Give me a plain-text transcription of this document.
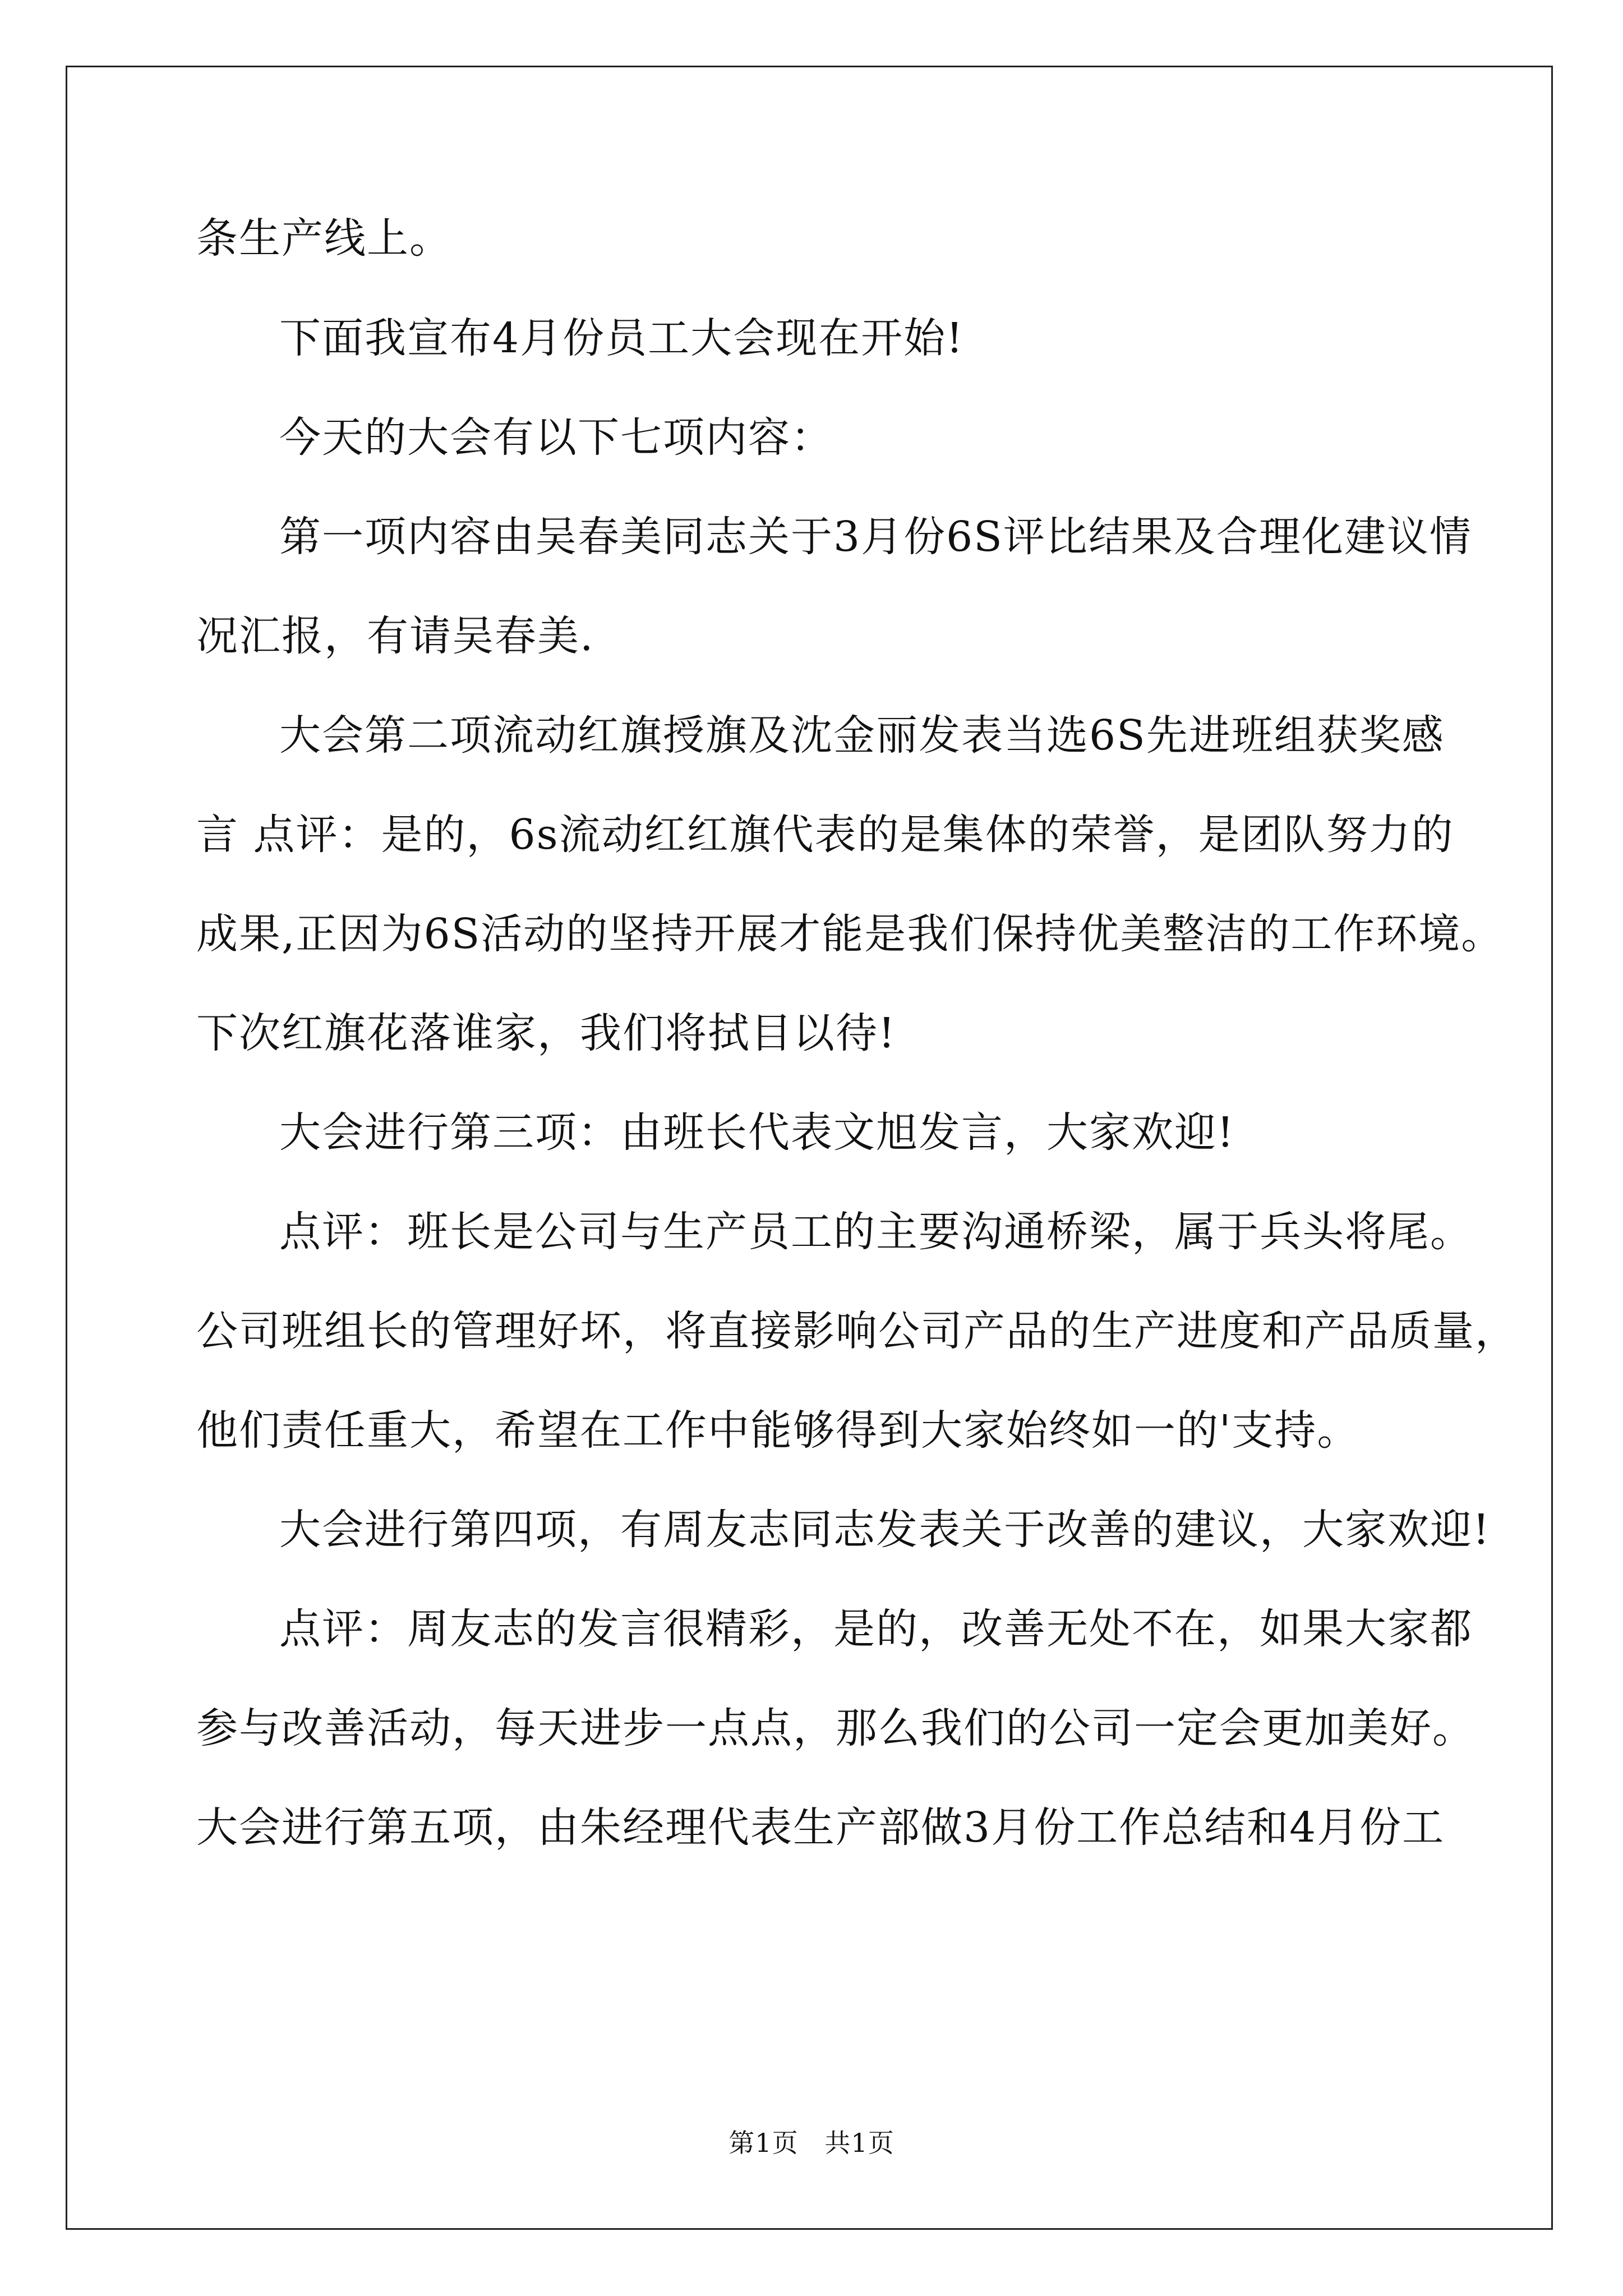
条生产线上。
下面我宣布4月份员工大会现在开始!
今天的大会有以下七项内容：
第一项内容由吴春美同志关于3月份6S评比结果及合理化建议情
况汇报，有请吴春美.
大会第二项流动红旗授旗及沈金丽发表当选6S先进班组获奖感
言 点评：是的，6s流动红红旗代表的是集体的荣誉，是团队努力的
成果,正因为6S活动的坚持开展才能是我们保持优美整洁的工作环境。
下次红旗花落谁家，我们将拭目以待!
大会进行第三项：由班长代表文旭发言，大家欢迎!
点评：班长是公司与生产员工的主要沟通桥梁，属于兵头将尾。
公司班组长的管理好坏，将直接影响公司产品的生产进度和产品质量，
他们责任重大，希望在工作中能够得到大家始终如一的'支持。
大会进行第四项，有周友志同志发表关于改善的建议，大家欢迎!
点评：周友志的发言很精彩，是的，改善无处不在，如果大家都
参与改善活动，每天进步一点点，那么我们的公司一定会更加美好。
大会进行第五项，由朱经理代表生产部做3月份工作总结和4月份工
第1页   共1页
